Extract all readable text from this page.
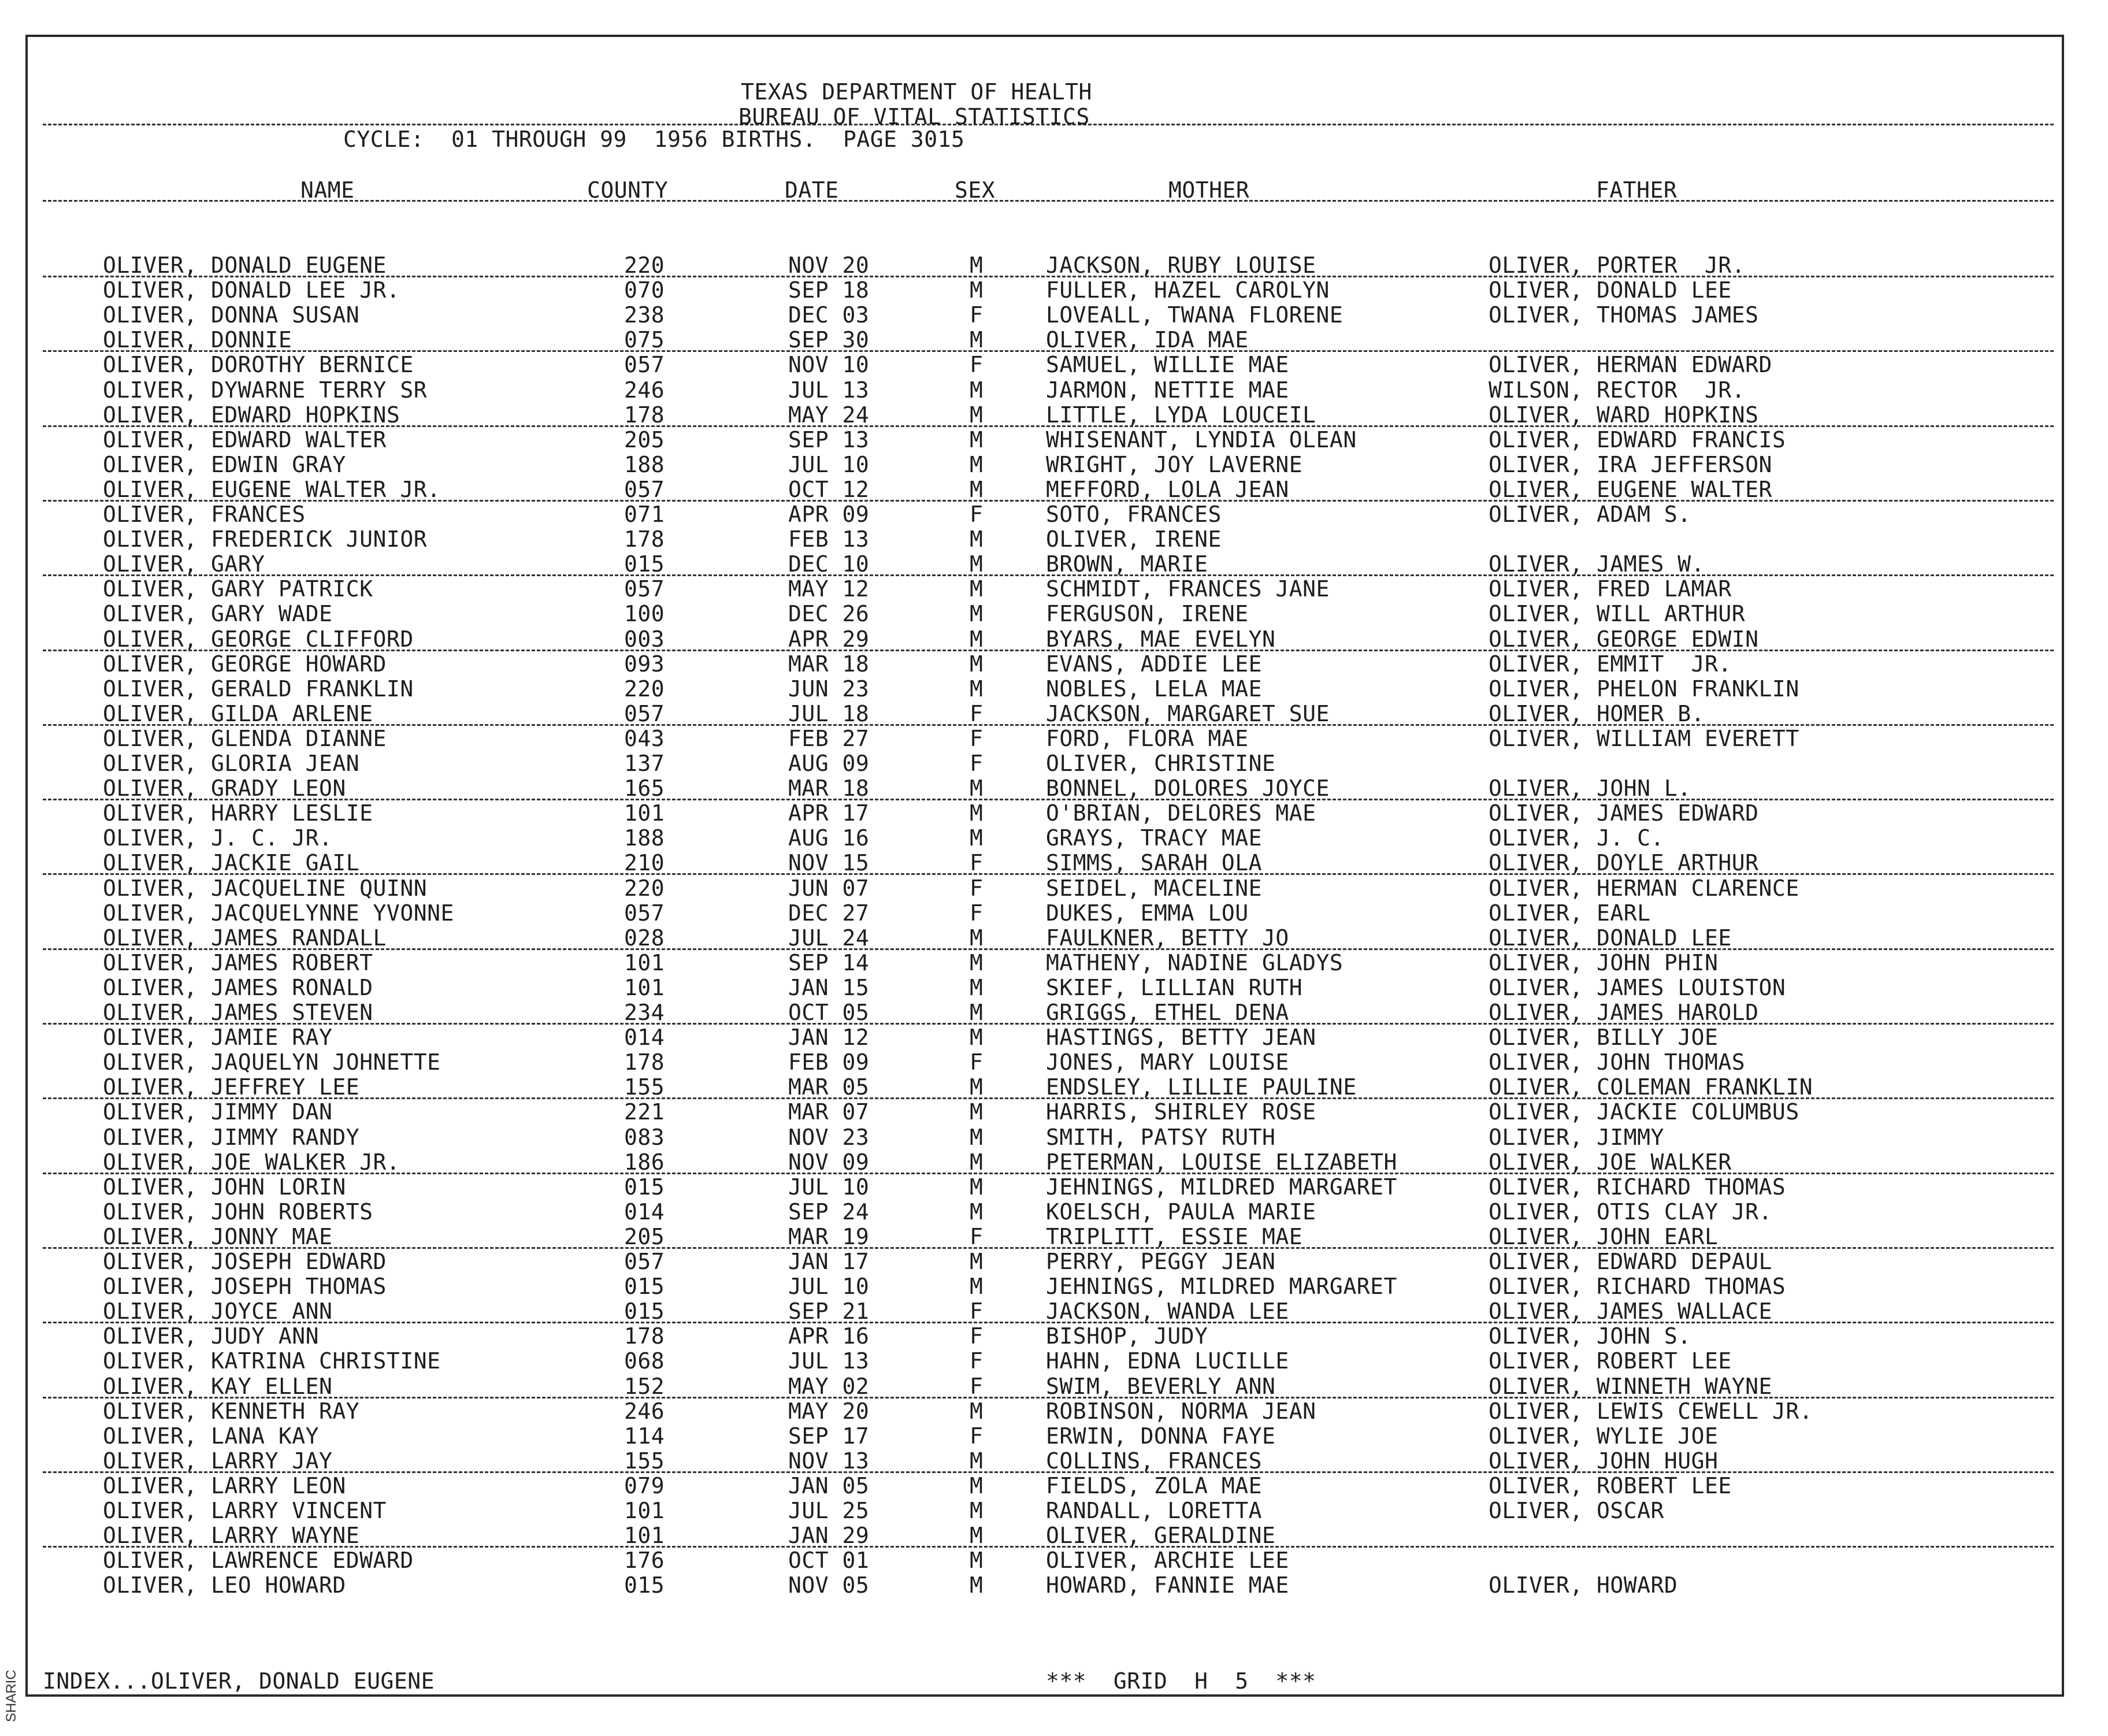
SHARIC
TEXAS DEPARTMENT OF HEALTH
BUREAU OF VITAL STATISTICS
CYCLE:  01 THROUGH 99  1956 BIRTHS.  PAGE 3015
NAME	COUNTY	DATE	SEX	MOTHER	FATHER
OLIVER, DONALD EUGENE	220	NOV 20	M	JACKSON, RUBY LOUISE	OLIVER, PORTER  JR.
OLIVER, DONALD LEE JR.	070	SEP 18	M	FULLER, HAZEL CAROLYN	OLIVER, DONALD LEE
OLIVER, DONNA SUSAN	238	DEC 03	F	LOVEALL, TWANA FLORENE	OLIVER, THOMAS JAMES
OLIVER, DONNIE	075	SEP 30	M	OLIVER, IDA MAE
OLIVER, DOROTHY BERNICE	057	NOV 10	F	SAMUEL, WILLIE MAE	OLIVER, HERMAN EDWARD
OLIVER, DYWARNE TERRY SR	246	JUL 13	M	JARMON, NETTIE MAE	WILSON, RECTOR  JR.
OLIVER, EDWARD HOPKINS	178	MAY 24	M	LITTLE, LYDA LOUCEIL	OLIVER, WARD HOPKINS
OLIVER, EDWARD WALTER	205	SEP 13	M	WHISENANT, LYNDIA OLEAN	OLIVER, EDWARD FRANCIS
OLIVER, EDWIN GRAY	188	JUL 10	M	WRIGHT, JOY LAVERNE	OLIVER, IRA JEFFERSON
OLIVER, EUGENE WALTER JR.	057	OCT 12	M	MEFFORD, LOLA JEAN	OLIVER, EUGENE WALTER
OLIVER, FRANCES	071	APR 09	F	SOTO, FRANCES	OLIVER, ADAM S.
OLIVER, FREDERICK JUNIOR	178	FEB 13	M	OLIVER, IRENE
OLIVER, GARY	015	DEC 10	M	BROWN, MARIE	OLIVER, JAMES W.
OLIVER, GARY PATRICK	057	MAY 12	M	SCHMIDT, FRANCES JANE	OLIVER, FRED LAMAR
OLIVER, GARY WADE	100	DEC 26	M	FERGUSON, IRENE	OLIVER, WILL ARTHUR
OLIVER, GEORGE CLIFFORD	003	APR 29	M	BYARS, MAE EVELYN	OLIVER, GEORGE EDWIN
OLIVER, GEORGE HOWARD	093	MAR 18	M	EVANS, ADDIE LEE	OLIVER, EMMIT  JR.
OLIVER, GERALD FRANKLIN	220	JUN 23	M	NOBLES, LELA MAE	OLIVER, PHELON FRANKLIN
OLIVER, GILDA ARLENE	057	JUL 18	F	JACKSON, MARGARET SUE	OLIVER, HOMER B.
OLIVER, GLENDA DIANNE	043	FEB 27	F	FORD, FLORA MAE	OLIVER, WILLIAM EVERETT
OLIVER, GLORIA JEAN	137	AUG 09	F	OLIVER, CHRISTINE
OLIVER, GRADY LEON	165	MAR 18	M	BONNEL, DOLORES JOYCE	OLIVER, JOHN L.
OLIVER, HARRY LESLIE	101	APR 17	M	O'BRIAN, DELORES MAE	OLIVER, JAMES EDWARD
OLIVER, J. C. JR.	188	AUG 16	M	GRAYS, TRACY MAE	OLIVER, J. C.
OLIVER, JACKIE GAIL	210	NOV 15	F	SIMMS, SARAH OLA	OLIVER, DOYLE ARTHUR
OLIVER, JACQUELINE QUINN	220	JUN 07	F	SEIDEL, MACELINE	OLIVER, HERMAN CLARENCE
OLIVER, JACQUELYNNE YVONNE	057	DEC 27	F	DUKES, EMMA LOU	OLIVER, EARL
OLIVER, JAMES RANDALL	028	JUL 24	M	FAULKNER, BETTY JO	OLIVER, DONALD LEE
OLIVER, JAMES ROBERT	101	SEP 14	M	MATHENY, NADINE GLADYS	OLIVER, JOHN PHIN
OLIVER, JAMES RONALD	101	JAN 15	M	SKIEF, LILLIAN RUTH	OLIVER, JAMES LOUISTON
OLIVER, JAMES STEVEN	234	OCT 05	M	GRIGGS, ETHEL DENA	OLIVER, JAMES HAROLD
OLIVER, JAMIE RAY	014	JAN 12	M	HASTINGS, BETTY JEAN	OLIVER, BILLY JOE
OLIVER, JAQUELYN JOHNETTE	178	FEB 09	F	JONES, MARY LOUISE	OLIVER, JOHN THOMAS
OLIVER, JEFFREY LEE	155	MAR 05	M	ENDSLEY, LILLIE PAULINE	OLIVER, COLEMAN FRANKLIN
OLIVER, JIMMY DAN	221	MAR 07	M	HARRIS, SHIRLEY ROSE	OLIVER, JACKIE COLUMBUS
OLIVER, JIMMY RANDY	083	NOV 23	M	SMITH, PATSY RUTH	OLIVER, JIMMY
OLIVER, JOE WALKER JR.	186	NOV 09	M	PETERMAN, LOUISE ELIZABETH	OLIVER, JOE WALKER
OLIVER, JOHN LORIN	015	JUL 10	M	JEHNINGS, MILDRED MARGARET	OLIVER, RICHARD THOMAS
OLIVER, JOHN ROBERTS	014	SEP 24	M	KOELSCH, PAULA MARIE	OLIVER, OTIS CLAY JR.
OLIVER, JONNY MAE	205	MAR 19	F	TRIPLITT, ESSIE MAE	OLIVER, JOHN EARL
OLIVER, JOSEPH EDWARD	057	JAN 17	M	PERRY, PEGGY JEAN	OLIVER, EDWARD DEPAUL
OLIVER, JOSEPH THOMAS	015	JUL 10	M	JEHNINGS, MILDRED MARGARET	OLIVER, RICHARD THOMAS
OLIVER, JOYCE ANN	015	SEP 21	F	JACKSON, WANDA LEE	OLIVER, JAMES WALLACE
OLIVER, JUDY ANN	178	APR 16	F	BISHOP, JUDY	OLIVER, JOHN S.
OLIVER, KATRINA CHRISTINE	068	JUL 13	F	HAHN, EDNA LUCILLE	OLIVER, ROBERT LEE
OLIVER, KAY ELLEN	152	MAY 02	F	SWIM, BEVERLY ANN	OLIVER, WINNETH WAYNE
OLIVER, KENNETH RAY	246	MAY 20	M	ROBINSON, NORMA JEAN	OLIVER, LEWIS CEWELL JR.
OLIVER, LANA KAY	114	SEP 17	F	ERWIN, DONNA FAYE	OLIVER, WYLIE JOE
OLIVER, LARRY JAY	155	NOV 13	M	COLLINS, FRANCES	OLIVER, JOHN HUGH
OLIVER, LARRY LEON	079	JAN 05	M	FIELDS, ZOLA MAE	OLIVER, ROBERT LEE
OLIVER, LARRY VINCENT	101	JUL 25	M	RANDALL, LORETTA	OLIVER, OSCAR
OLIVER, LARRY WAYNE	101	JAN 29	M	OLIVER, GERALDINE
OLIVER, LAWRENCE EDWARD	176	OCT 01	M	OLIVER, ARCHIE LEE
OLIVER, LEO HOWARD	015	NOV 05	M	HOWARD, FANNIE MAE	OLIVER, HOWARD
INDEX...OLIVER, DONALD EUGENE	***  GRID  H  5  ***
